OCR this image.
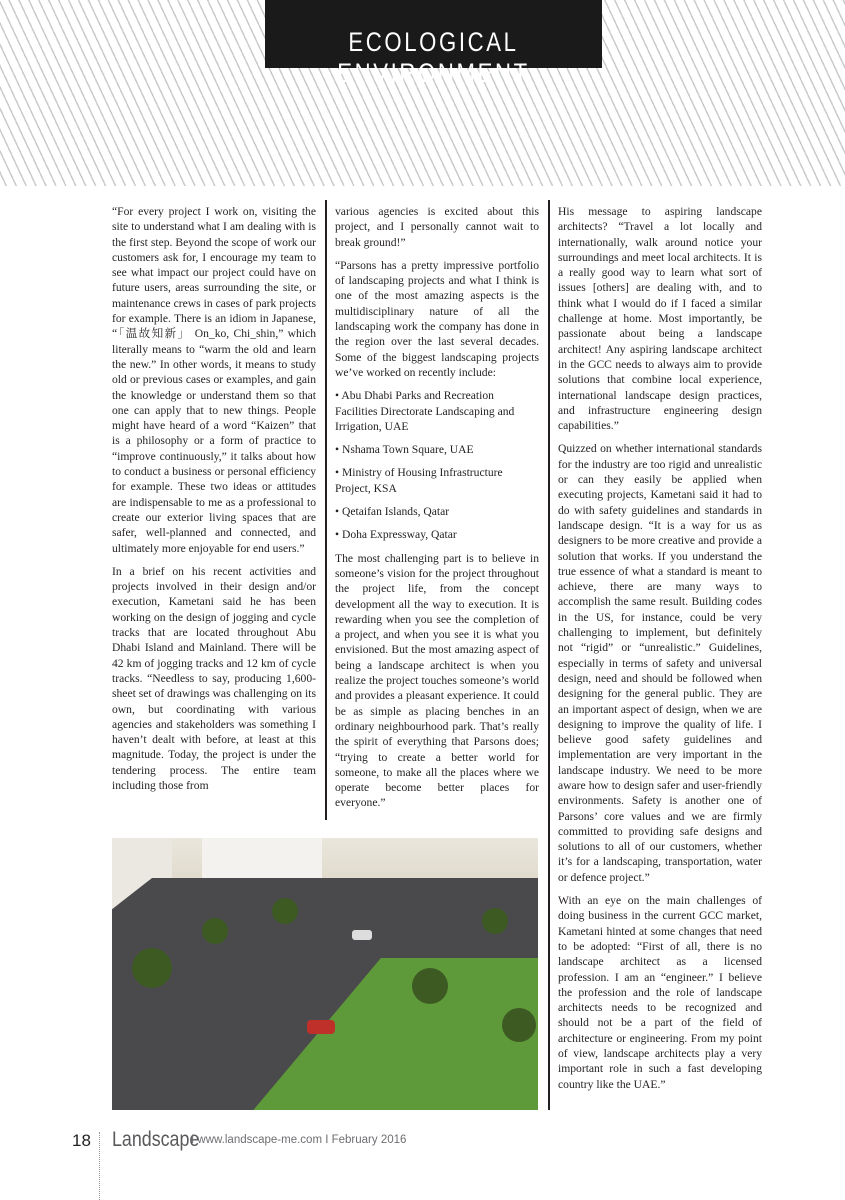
ECOLOGICAL ENVIRONMENT

“For every project I work on, visiting the site to understand what I am dealing with is the first step. Beyond the scope of work our customers ask for, I encourage my team to see what impact our project could have on future users, areas surrounding the site, or maintenance crews in cases of park projects for example. There is an idiom in Japanese, “「温故知新」 On_ko, Chi_shin,” which literally means to “warm the old and learn the new.” In other words, it means to study old or previous cases or examples, and gain the knowledge or understand them so that one can apply that to new things. People might have heard of a word “Kaizen” that is a philosophy or a form of practice to “improve continuously,” it talks about how to conduct a business or personal efficiency for example. These two ideas or attitudes are indispensable to me as a professional to create our exterior living spaces that are safer, well-planned and connected, and ultimately more enjoyable for end users.”

In a brief on his recent activities and projects involved in their design and/or execution, Kametani said he has been working on the design of jogging and cycle tracks that are located throughout Abu Dhabi Island and Mainland. There will be 42 km of jogging tracks and 12 km of cycle tracks. “Needless to say, producing 1,600-sheet set of drawings was challenging on its own, but coordinating with various agencies and stakeholders was something I haven’t dealt with before, at least at this magnitude. Today, the project is under the tendering process. The entire team including those from

various agencies is excited about this project, and I personally cannot wait to break ground!”

“Parsons has a pretty impressive portfolio of landscaping projects and what I think is one of the most amazing aspects is the multidisciplinary nature of all the landscaping work the company has done in the region over the last several decades. Some of the biggest landscaping projects we’ve worked on recently include:

• Abu Dhabi Parks and Recreation Facilities Directorate Landscaping and Irrigation, UAE

• Nshama Town Square, UAE

• Ministry of Housing Infrastructure Project, KSA

• Qetaifan Islands, Qatar

• Doha Expressway, Qatar

The most challenging part is to believe in someone’s vision for the project throughout the project life, from the concept development all the way to execution. It is rewarding when you see the completion of a project, and when you see it is what you envisioned. But the most amazing aspect of being a landscape architect is when you realize the project touches someone’s world and provides a pleasant experience. It could be as simple as placing benches in an ordinary neighbourhood park. That’s really the spirit of everything that Parsons does; “trying to create a better world for someone, to make all the places where we operate become better places for everyone.”

His message to aspiring landscape architects? “Travel a lot locally and internationally, walk around notice your surroundings and meet local architects. It is a really good way to learn what sort of issues [others] are dealing with, and to think what I would do if I faced a similar challenge at home. Most importantly, be passionate about being a landscape architect! Any aspiring landscape architect in the GCC needs to always aim to provide solutions that combine local experience, international landscape design practices, and infrastructure engineering design capabilities.”

Quizzed on whether international standards for the industry are too rigid and unrealistic or can they easily be applied when executing projects, Kametani said it had to do with safety guidelines and standards in landscape design. “It is a way for us as designers to be more creative and provide a solution that works. If you understand the true essence of what a standard is meant to achieve, there are many ways to accomplish the same result. Building codes in the US, for instance, could be very challenging to implement, but definitely not “rigid” or “unrealistic.” Guidelines, especially in terms of safety and universal design, need and should be followed when designing for the general public. They are an important aspect of design, when we are designing to improve the quality of life. I believe good safety guidelines and implementation are very important in the landscape industry. We need to be more aware how to design safer and user-friendly environments. Safety is another one of Parsons’ core values and we are firmly committed to providing safe designs and solutions to all of our customers, whether it’s for a landscaping, transportation, water or defence project.”

With an eye on the main challenges of doing business in the current GCC market, Kametani hinted at some changes that need to be adopted: “First of all, there is no landscape architect as a licensed profession. I am an “engineer.” I believe the profession and the role of landscape architects needs to be recognized and should not be a part of the field of architecture or engineering. From my point of view, landscape architects play a very important role in such a fast developing country like the UAE.”

18 Landscape
I www.landscape-me.com I February 2016
